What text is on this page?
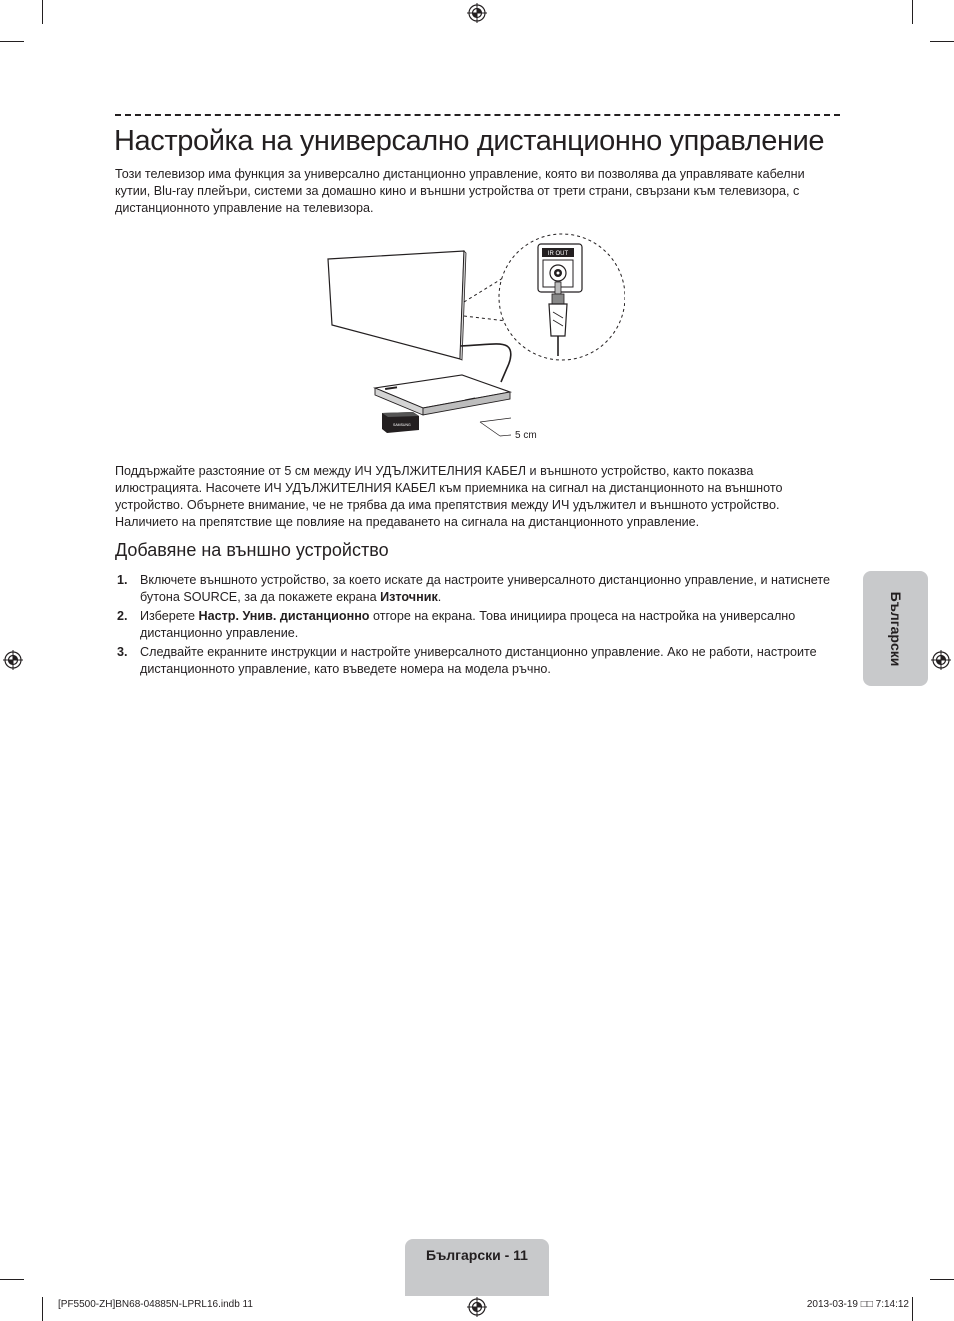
Настройка на универсално дистанционно управление

Този телевизор има функция за универсално дистанционно управление, която ви позволява да управлявате кабелни кутии, Blu-ray плейъри, системи за домашно кино и външни устройства от трети страни, свързани към телевизора, с дистанционното управление на телевизора.

IR OUT
SAMSUNG
5 cm

Поддържайте разстояние от 5 см между ИЧ УДЪЛЖИТЕЛНИЯ КАБЕЛ и външното устройство, както показва илюстрацията. Насочете ИЧ УДЪЛЖИТЕЛНИЯ КАБЕЛ към приемника на сигнал на дистанционното на външното устройство. Обърнете внимание, че не трябва да има препятствия между ИЧ удължител и външното устройство. Наличието на препятствие ще повлияе на предаването на сигнала на дистанционното управление.

Добавяне на външно устройство
1. Включете външното устройство, за което искате да настроите универсалното дистанционно управление, и натиснете бутона SOURCE, за да покажете екрана Източник.
2. Изберете Настр. Унив. дистанционно отгоре на екрана. Това инициира процеса на настройка на универсално дистанционно управление.
3. Следвайте екранните инструкции и настройте универсалното дистанционно управление. Ако не работи, настроите дистанционното управление, като въведете номера на модела ръчно.
Български
Български - 11
[PF5500-ZH]BN68-04885N-LPRL16.indb 11	2013-03-19 □□ 7:14:12
